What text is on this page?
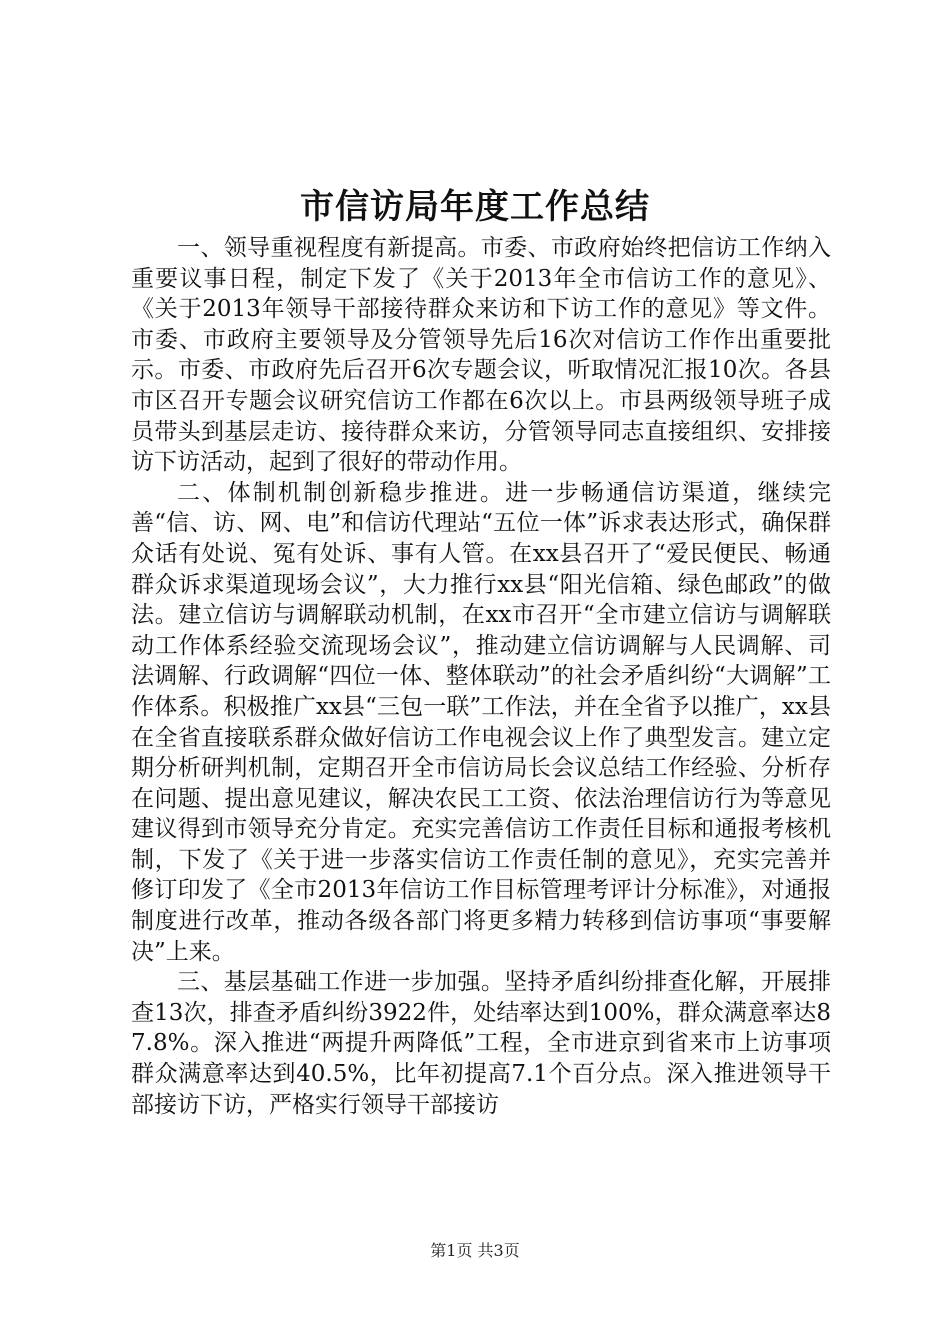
市信访局年度工作总结

一、领导重视程度有新提高。市委、市政府始终把信访工作纳入重要议事日程，制定下发了《关于2013年全市信访工作的意见》、《关于2013年领导干部接待群众来访和下访工作的意见》等文件。市委、市政府主要领导及分管领导先后16次对信访工作作出重要批示。市委、市政府先后召开6次专题会议，听取情况汇报10次。各县市区召开专题会议研究信访工作都在6次以上。市县两级领导班子成员带头到基层走访、接待群众来访，分管领导同志直接组织、安排接访下访活动，起到了很好的带动作用。

二、体制机制创新稳步推进。进一步畅通信访渠道，继续完善“信、访、网、电”和信访代理站“五位一体”诉求表达形式，确保群众话有处说、冤有处诉、事有人管。在xx县召开了“爱民便民、畅通群众诉求渠道现场会议”，大力推行xx县“阳光信箱、绿色邮政”的做法。建立信访与调解联动机制，在xx市召开“全市建立信访与调解联动工作体系经验交流现场会议”，推动建立信访调解与人民调解、司法调解、行政调解“四位一体、整体联动”的社会矛盾纠纷“大调解”工作体系。积极推广xx县“三包一联”工作法，并在全省予以推广，xx县在全省直接联系群众做好信访工作电视会议上作了典型发言。建立定期分析研判机制，定期召开全市信访局长会议总结工作经验、分析存在问题、提出意见建议，解决农民工工资、依法治理信访行为等意见建议得到市领导充分肯定。充实完善信访工作责任目标和通报考核机制，下发了《关于进一步落实信访工作责任制的意见》，充实完善并修订印发了《全市2013年信访工作目标管理考评计分标准》，对通报制度进行改革，推动各级各部门将更多精力转移到信访事项“事要解决”上来。

三、基层基础工作进一步加强。坚持矛盾纠纷排查化解，开展排查13次，排查矛盾纠纷3922件，处结率达到100%，群众满意率达87.8%。深入推进“两提升两降低”工程，全市进京到省来市上访事项群众满意率达到40.5%，比年初提高7.1个百分点。深入推进领导干部接访下访，严格实行领导干部接访

第1页 共3页
